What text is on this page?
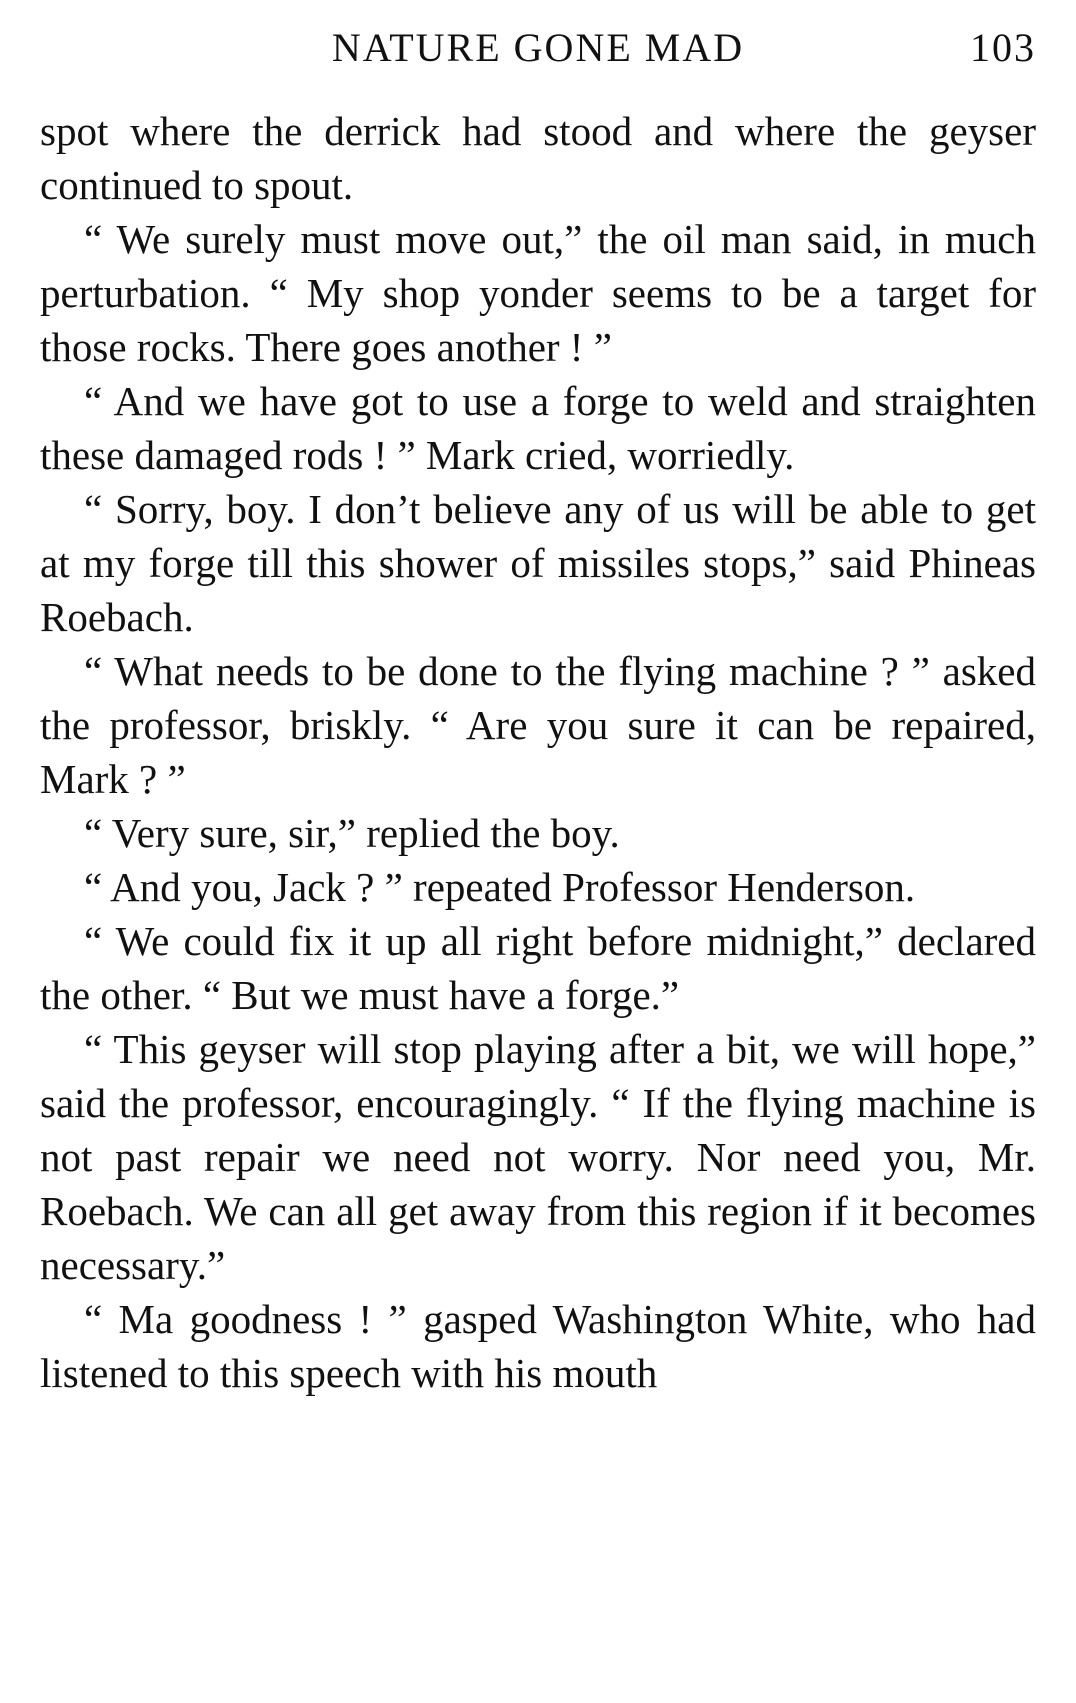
NATURE GONE MAD	103

spot where the derrick had stood and where the geyser continued to spout.

“ We surely must move out,” the oil man said, in much perturbation. “ My shop yonder seems to be a target for those rocks. There goes another ! ”

“ And we have got to use a forge to weld and straighten these damaged rods ! ” Mark cried, worriedly.

“ Sorry, boy. I don’t believe any of us will be able to get at my forge till this shower of missiles stops,” said Phineas Roebach.

“ What needs to be done to the flying machine ? ” asked the professor, briskly. “ Are you sure it can be repaired, Mark ? ”

“ Very sure, sir,” replied the boy.

“ And you, Jack ? ” repeated Professor Henderson.

“ We could fix it up all right before midnight,” declared the other. “ But we must have a forge.”

“ This geyser will stop playing after a bit, we will hope,” said the professor, encouragingly. “ If the flying machine is not past repair we need not worry. Nor need you, Mr. Roebach. We can all get away from this region if it becomes necessary.”

“ Ma goodness ! ” gasped Washington White, who had listened to this speech with his mouth
